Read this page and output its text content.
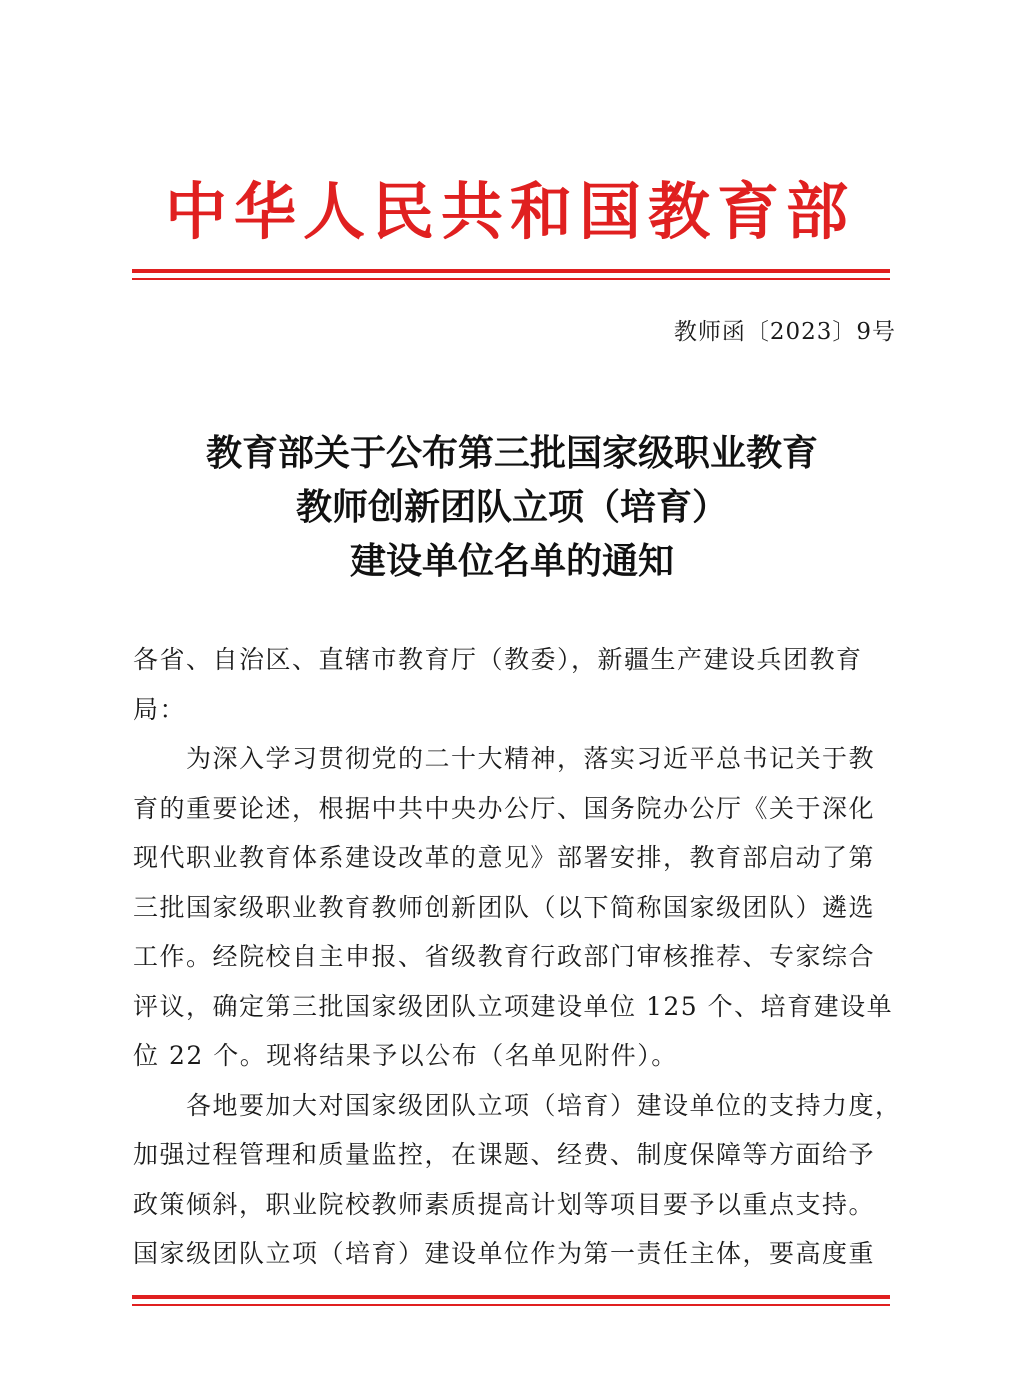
中华人民共和国教育部
教师函〔2023〕9号
教育部关于公布第三批国家级职业教育
教师创新团队立项（培育）
建设单位名单的通知
各省、自治区、直辖市教育厅（教委），新疆生产建设兵团教育
局：
　　为深入学习贯彻党的二十大精神，落实习近平总书记关于教
育的重要论述，根据中共中央办公厅、国务院办公厅《关于深化
现代职业教育体系建设改革的意见》部署安排，教育部启动了第
三批国家级职业教育教师创新团队（以下简称国家级团队）遴选
工作。经院校自主申报、省级教育行政部门审核推荐、专家综合
评议，确定第三批国家级团队立项建设单位 125 个、培育建设单
位 22 个。现将结果予以公布（名单见附件）。
　　各地要加大对国家级团队立项（培育）建设单位的支持力度，
加强过程管理和质量监控，在课题、经费、制度保障等方面给予
政策倾斜，职业院校教师素质提高计划等项目要予以重点支持。
国家级团队立项（培育）建设单位作为第一责任主体，要高度重
